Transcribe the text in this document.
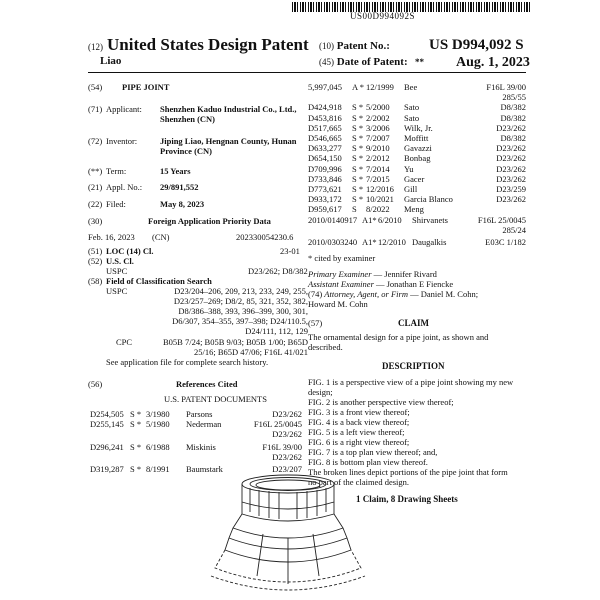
US00D994092S
(12) United States Design Patent
Liao
(10) Patent No.:	US D994,092 S
(45) Date of Patent: ** Aug. 1, 2023
(54) PIPE JOINT
(71) Applicant: Shenzhen Kaduo Industrial Co., Ltd.,
Shenzhen (CN)
(72) Inventor:	Jiping Liao, Hengnan County, Hunan
Province (CN)
(**) Term:	15 Years
(21) Appl. No.: 29/891,552
(22) Filed:	May 8, 2023
(30)	Foreign Application Priority Data
Feb. 16, 2023 (CN)	202330054230.6
(51) LOC (14) Cl.	23-01
(52) U.S. Cl.
USPC	D23/262; D8/382
(58) Field of Classification Search
USPC	D23/204–206, 209, 213, 233, 249, 255,
D23/257–269; D8/2, 85, 321, 352, 382,
D8/386–388, 393, 396–399, 300, 301,
D6/307, 354–355, 397–398; D24/110.5,
D24/111, 112, 129
CPC	B05B 7/24; B05B 9/03; B05B 1/00; B65D
25/16; B65D 47/06; F16L 41/021
See application file for complete search history.
(56)	References Cited
U.S. PATENT DOCUMENTS
D254,505 S * 3/1980	Parsons	D23/262
D255,145 S * 5/1980	Nederman	F16L 25/0045
D23/262
D296,241 S * 6/1988	Miskinis	F16L 39/00
D23/262
D319,287 S * 8/1991	Baumstark	D23/207
5,997,045	A * 12/1999	Bee	F16L 39/00
285/55
D424,918	S * 5/2000	Sato	D8/382
D453,816	S * 2/2002	Sato	D8/382
D517,665	S * 3/2006	Wilk, Jr.	D23/262
D546,665	S * 7/2007	Moffitt	D8/382
D633,277	S * 9/2010	Gavazzi	D23/262
D654,150	S * 2/2012	Bonbag	D23/262
D709,996	S * 7/2014	Yu	D23/262
D733,846	S * 7/2015	Gacer	D23/262
D773,621	S * 12/2016	Gill	D23/259
D933,172	S * 10/2021	Garcia Blanco	D23/262
D959,617	S	8/2022	Meng
2010/0140917 A1* 6/2010	Shirvanets	F16L 25/0045
285/24
2010/0303240 A1* 12/2010 Daugalkis	E03C 1/182
* cited by examiner
Primary Examiner — Jennifer Rivard
Assistant Examiner — Jonathan E Fiencke
(74) Attorney, Agent, or Firm — Daniel M. Cohn;
Howard M. Cohn
(57)	CLAIM
The ornamental design for a pipe joint, as shown and
described.
DESCRIPTION
FIG. 1 is a perspective view of a pipe joint showing my new
design;
FIG. 2 is another perspective view thereof;
FIG. 3 is a front view thereof;
FIG. 4 is a back view thereof;
FIG. 5 is a left view thereof;
FIG. 6 is a right view thereof;
FIG. 7 is a top plan view thereof; and,
FIG. 8 is bottom plan view thereof.
The broken lines depict portions of the pipe joint that form
no part of the claimed design.
1 Claim, 8 Drawing Sheets
